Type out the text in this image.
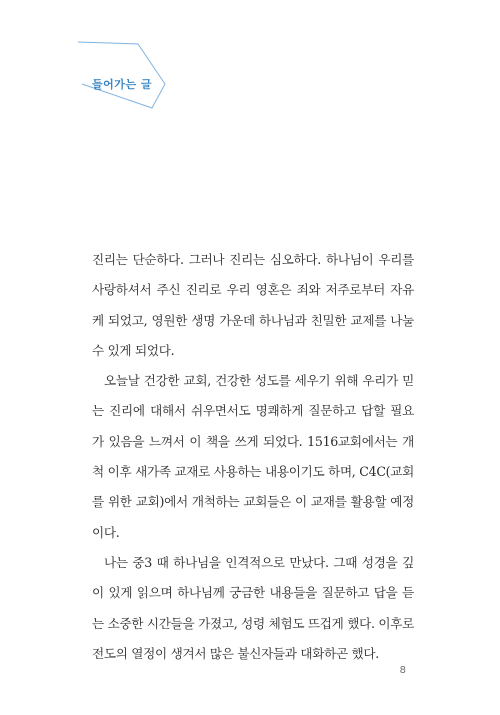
들어가는 글

진리는 단순하다. 그러나 진리는 심오하다. 하나님이 우리를 사랑하셔서 주신 진리로 우리 영혼은 죄와 저주로부터 자유케 되었고, 영원한 생명 가운데 하나님과 친밀한 교제를 나눌 수 있게 되었다.

오늘날 건강한 교회, 건강한 성도를 세우기 위해 우리가 믿는 진리에 대해서 쉬우면서도 명쾌하게 질문하고 답할 필요가 있음을 느껴서 이 책을 쓰게 되었다. 1516교회에서는 개척 이후 새가족 교재로 사용하는 내용이기도 하며, C4C(교회를 위한 교회)에서 개척하는 교회들은 이 교재를 활용할 예정이다.

나는 중3 때 하나님을 인격적으로 만났다. 그때 성경을 깊이 있게 읽으며 하나님께 궁금한 내용들을 질문하고 답을 듣는 소중한 시간들을 가졌고, 성령 체험도 뜨겁게 했다. 이후로 전도의 열정이 생겨서 많은 불신자들과 대화하곤 했다.

8
